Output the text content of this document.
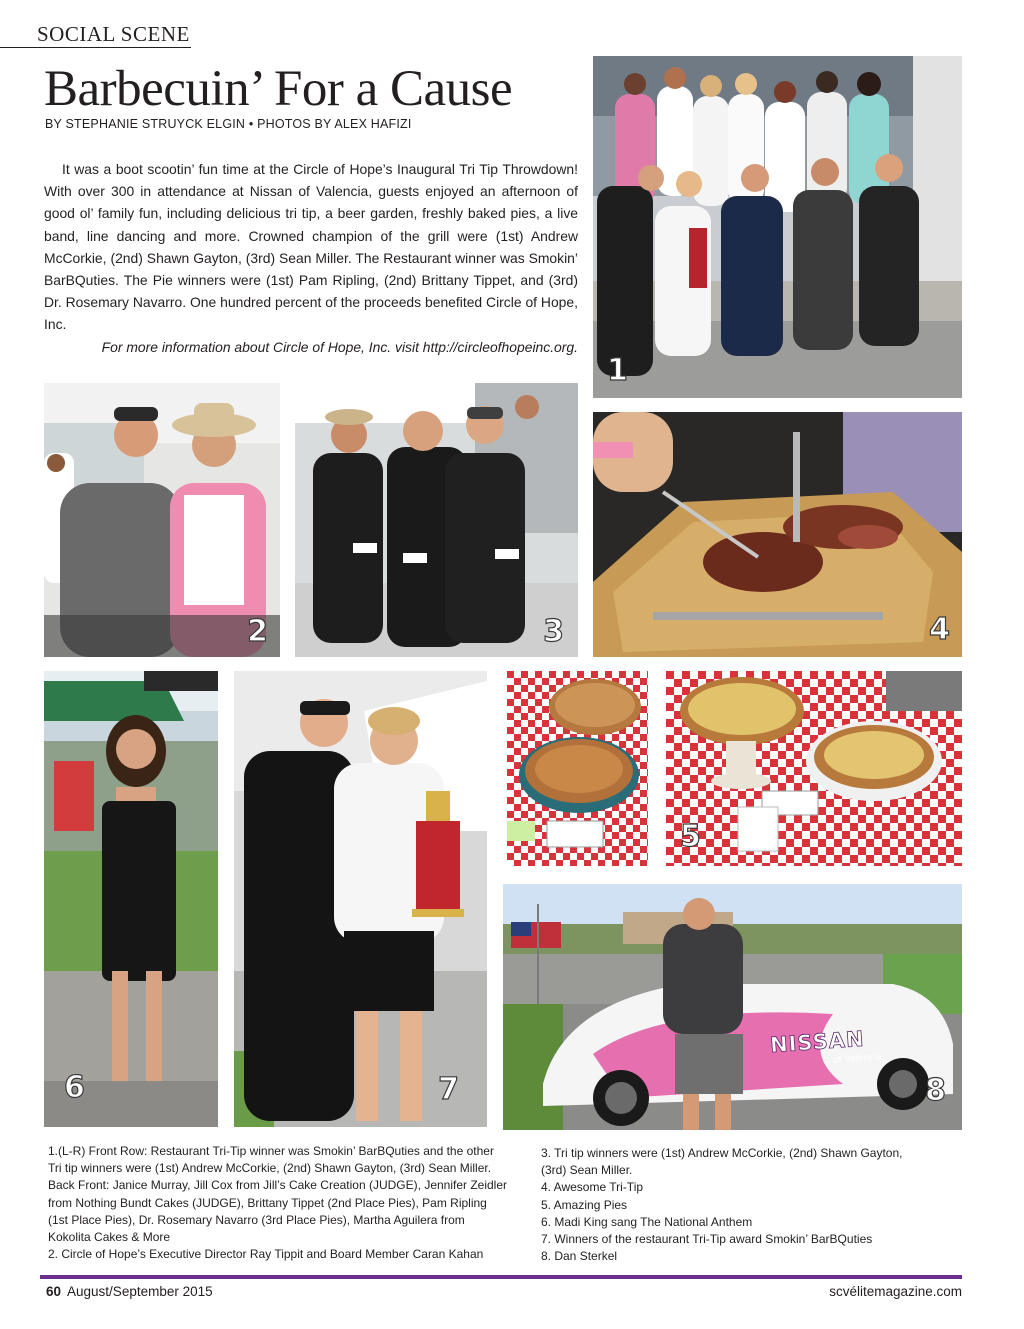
SOCIAL SCENE
Barbecuin’ For a Cause
BY STEPHANIE STRUYCK ELGIN • PHOTOS BY ALEX HAFIZI

It was a boot scootin’ fun time at the Circle of Hope’s Inaugural Tri Tip Throwdown! With over 300 in attendance at Nissan of Valencia, guests enjoyed an afternoon of good ol’ family fun, including delicious tri tip, a beer garden, freshly baked pies, a live band, line dancing and more. Crowned champion of the grill were (1st) Andrew McCorkie, (2nd) Shawn Gayton, (3rd) Sean Miller. The Restaurant winner was Smokin’ BarBQuties. The Pie winners were (1st) Pam Ripling, (2nd) Brittany Tippet, and (3rd) Dr. Rosemary Navarro. One hundred percent of the proceeds benefited Circle of Hope, Inc.

For more information about Circle of Hope, Inc. visit http://circleofhopeinc.org.

1
2	3	4
5
6	7
NISSAN
of Valencia
8
1.(L-R) Front Row: Restaurant Tri-Tip winner was Smokin’ BarBQuties and the other
Tri tip winners were (1st) Andrew McCorkie, (2nd) Shawn Gayton, (3rd) Sean Miller.
Back Front: Janice Murray, Jill Cox from Jill’s Cake Creation (JUDGE), Jennifer Zeidler
from Nothing Bundt Cakes (JUDGE), Brittany Tippet (2nd Place Pies), Pam Ripling
(1st Place Pies), Dr. Rosemary Navarro (3rd Place Pies), Martha Aguilera from
Kokolita Cakes & More
2. Circle of Hope’s Executive Director Ray Tippit and Board Member Caran Kahan
3. Tri tip winners were (1st) Andrew McCorkie, (2nd) Shawn Gayton,
(3rd) Sean Miller.
4. Awesome Tri-Tip
5. Amazing Pies
6. Madi King sang The National Anthem
7. Winners of the restaurant Tri-Tip award Smokin’ BarBQuties
8. Dan Sterkel
60 August/September 2015	scvélitemagazine.com
